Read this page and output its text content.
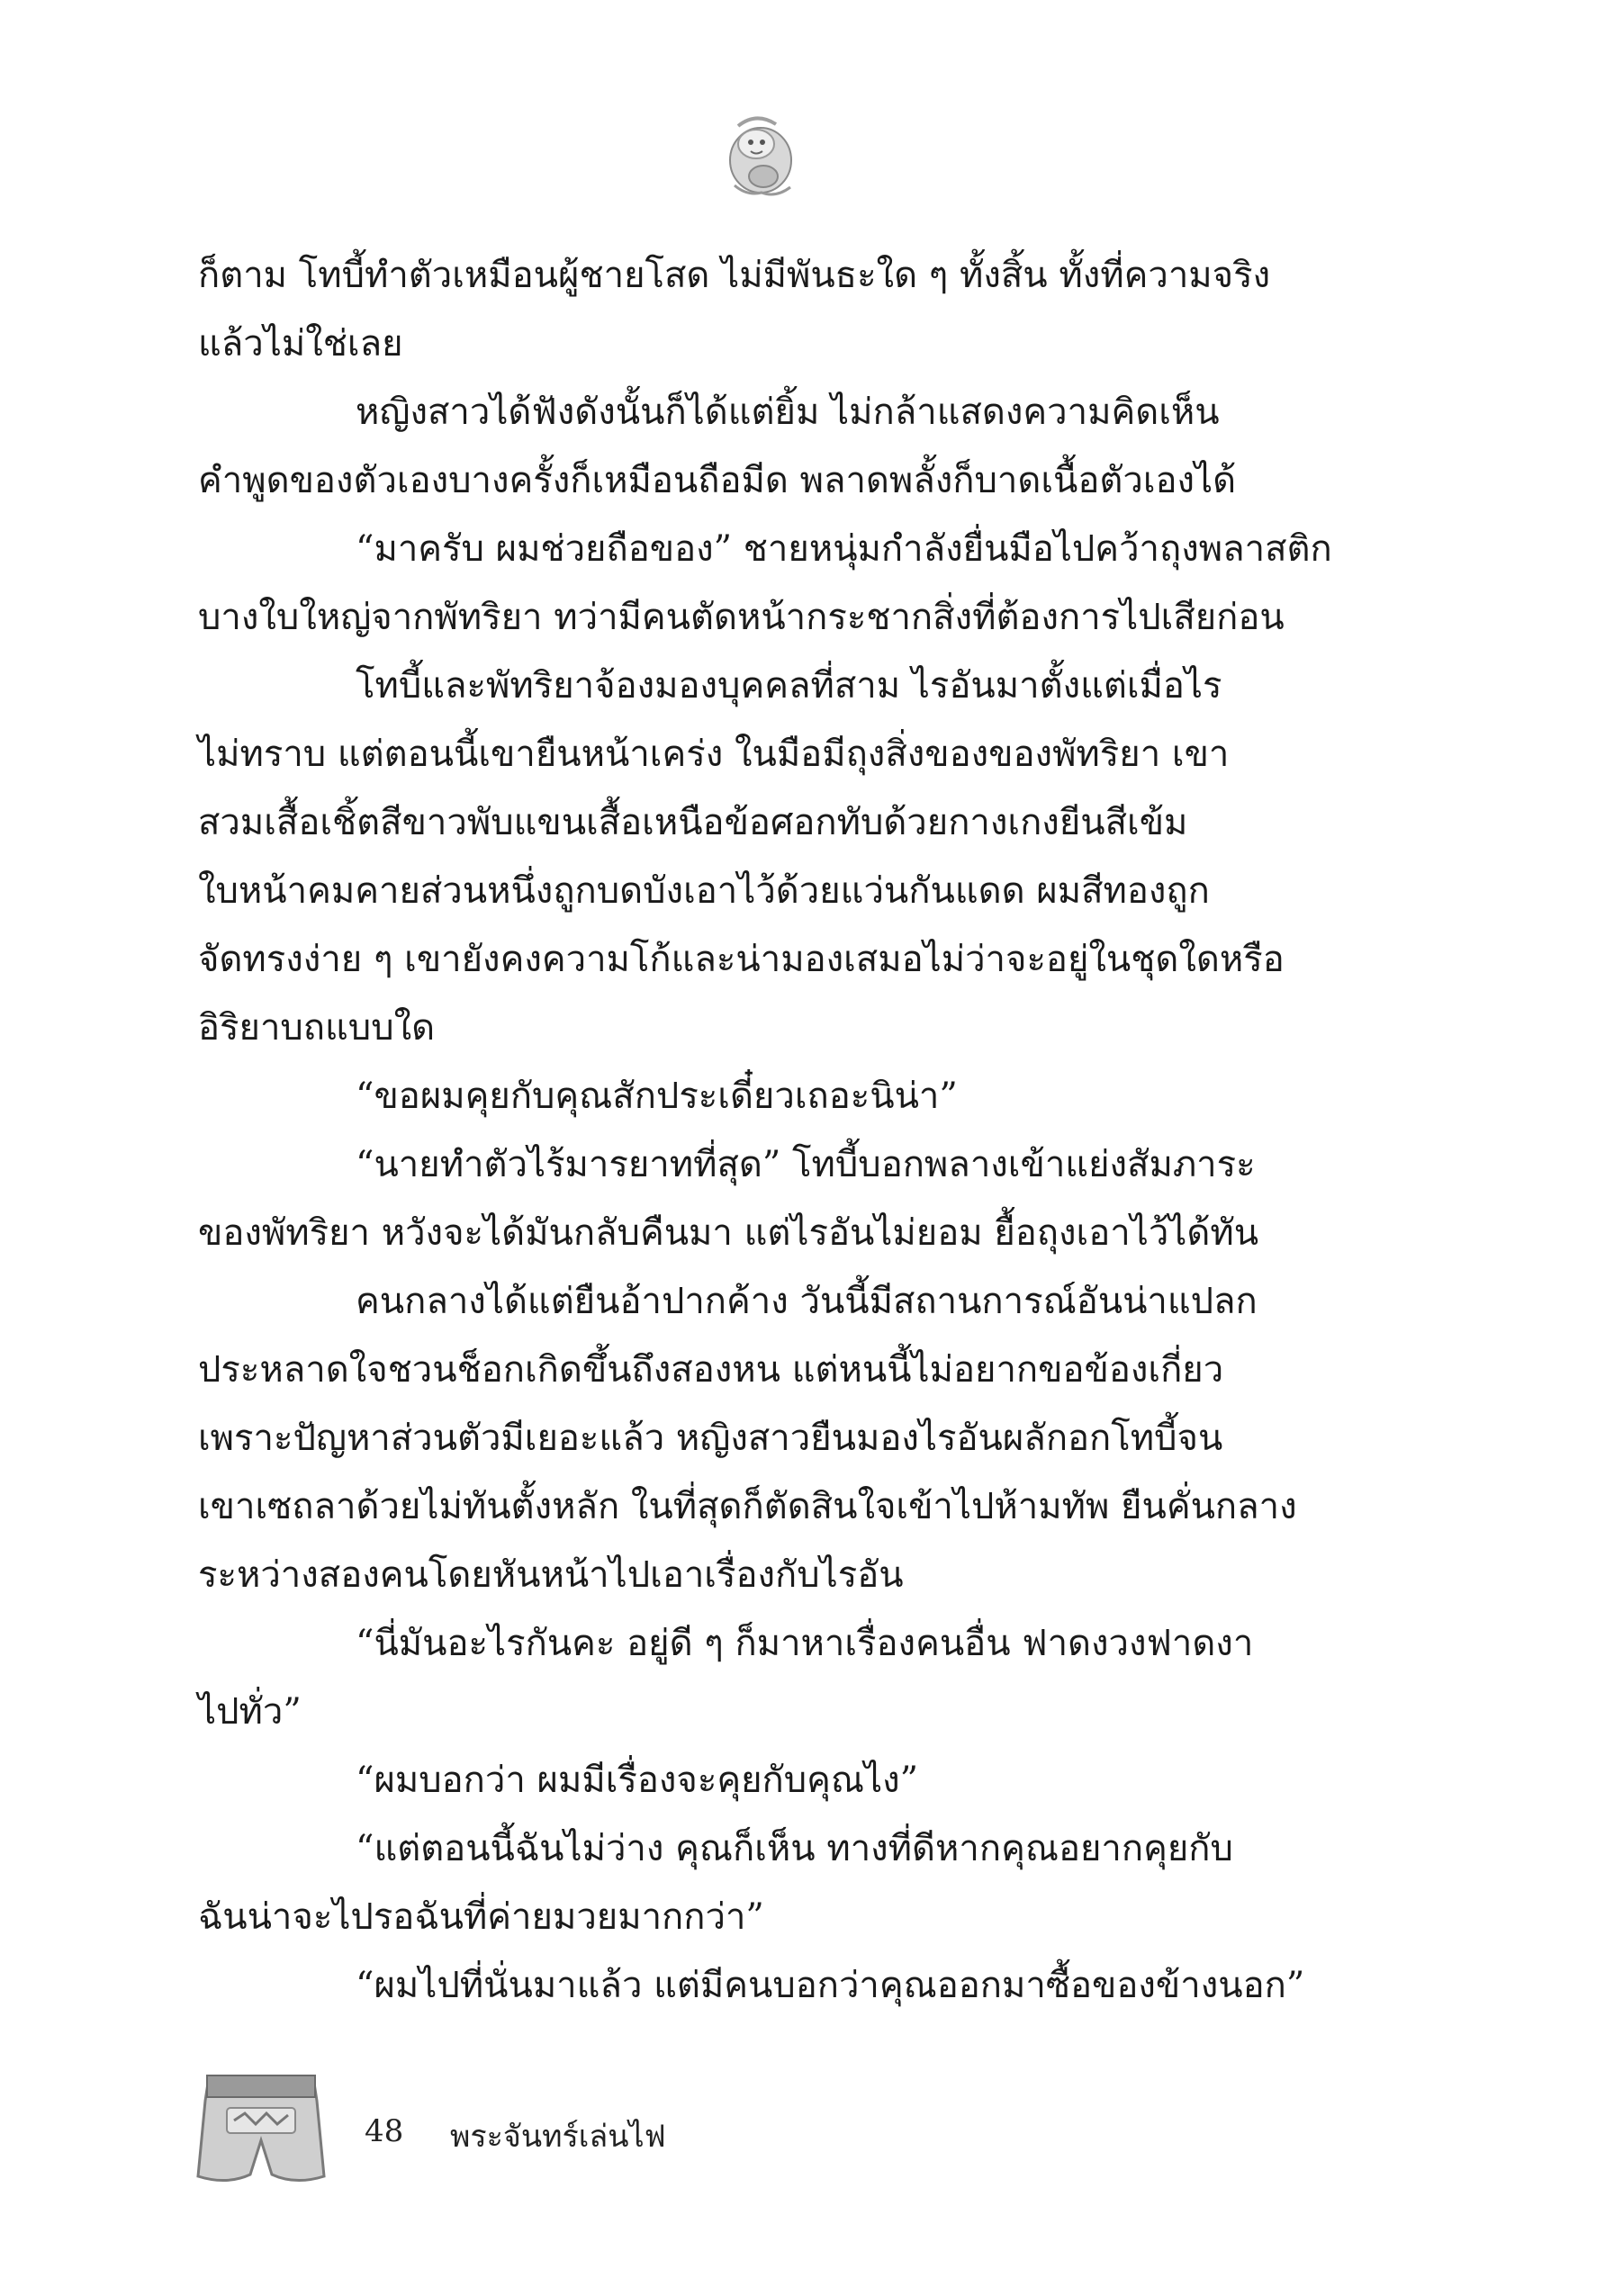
ก็ตาม โทบี้ทำตัวเหมือนผู้ชายโสด ไม่มีพันธะใด ๆ ทั้งสิ้น ทั้งที่ความจริง
แล้วไม่ใช่เลย
หญิงสาวได้ฟังดังนั้นก็ได้แต่ยิ้ม ไม่กล้าแสดงความคิดเห็น
คำพูดของตัวเองบางครั้งก็เหมือนถือมีด พลาดพลั้งก็บาดเนื้อตัวเองได้
“มาครับ ผมช่วยถือของ” ชายหนุ่มกำลังยื่นมือไปคว้าถุงพลาสติก
บางใบใหญ่จากพัทริยา ทว่ามีคนตัดหน้ากระชากสิ่งที่ต้องการไปเสียก่อน
โทบี้และพัทริยาจ้องมองบุคคลที่สาม ไรอันมาตั้งแต่เมื่อไร
ไม่ทราบ แต่ตอนนี้เขายืนหน้าเคร่ง ในมือมีถุงสิ่งของของพัทริยา เขา
สวมเสื้อเชิ้ตสีขาวพับแขนเสื้อเหนือข้อศอกทับด้วยกางเกงยีนสีเข้ม
ใบหน้าคมคายส่วนหนึ่งถูกบดบังเอาไว้ด้วยแว่นกันแดด ผมสีทองถูก
จัดทรงง่าย ๆ เขายังคงความโก้และน่ามองเสมอไม่ว่าจะอยู่ในชุดใดหรือ
อิริยาบถแบบใด
“ขอผมคุยกับคุณสักประเดี๋ยวเถอะนิน่า”
“นายทำตัวไร้มารยาทที่สุด” โทบี้บอกพลางเข้าแย่งสัมภาระ
ของพัทริยา หวังจะได้มันกลับคืนมา แต่ไรอันไม่ยอม ยื้อถุงเอาไว้ได้ทัน
คนกลางได้แต่ยืนอ้าปากค้าง วันนี้มีสถานการณ์อันน่าแปลก
ประหลาดใจชวนช็อกเกิดขึ้นถึงสองหน แต่หนนี้ไม่อยากขอข้องเกี่ยว
เพราะปัญหาส่วนตัวมีเยอะแล้ว หญิงสาวยืนมองไรอันผลักอกโทบี้จน
เขาเซถลาด้วยไม่ทันตั้งหลัก ในที่สุดก็ตัดสินใจเข้าไปห้ามทัพ ยืนคั่นกลาง
ระหว่างสองคนโดยหันหน้าไปเอาเรื่องกับไรอัน
“นี่มันอะไรกันคะ อยู่ดี ๆ ก็มาหาเรื่องคนอื่น ฟาดงวงฟาดงา
ไปทั่ว”
“ผมบอกว่า ผมมีเรื่องจะคุยกับคุณไง”
“แต่ตอนนี้ฉันไม่ว่าง คุณก็เห็น ทางที่ดีหากคุณอยากคุยกับ
ฉันน่าจะไปรอฉันที่ค่ายมวยมากกว่า”
“ผมไปที่นั่นมาแล้ว แต่มีคนบอกว่าคุณออกมาซื้อของข้างนอก”
48 พระจันทร์เล่นไฟ
